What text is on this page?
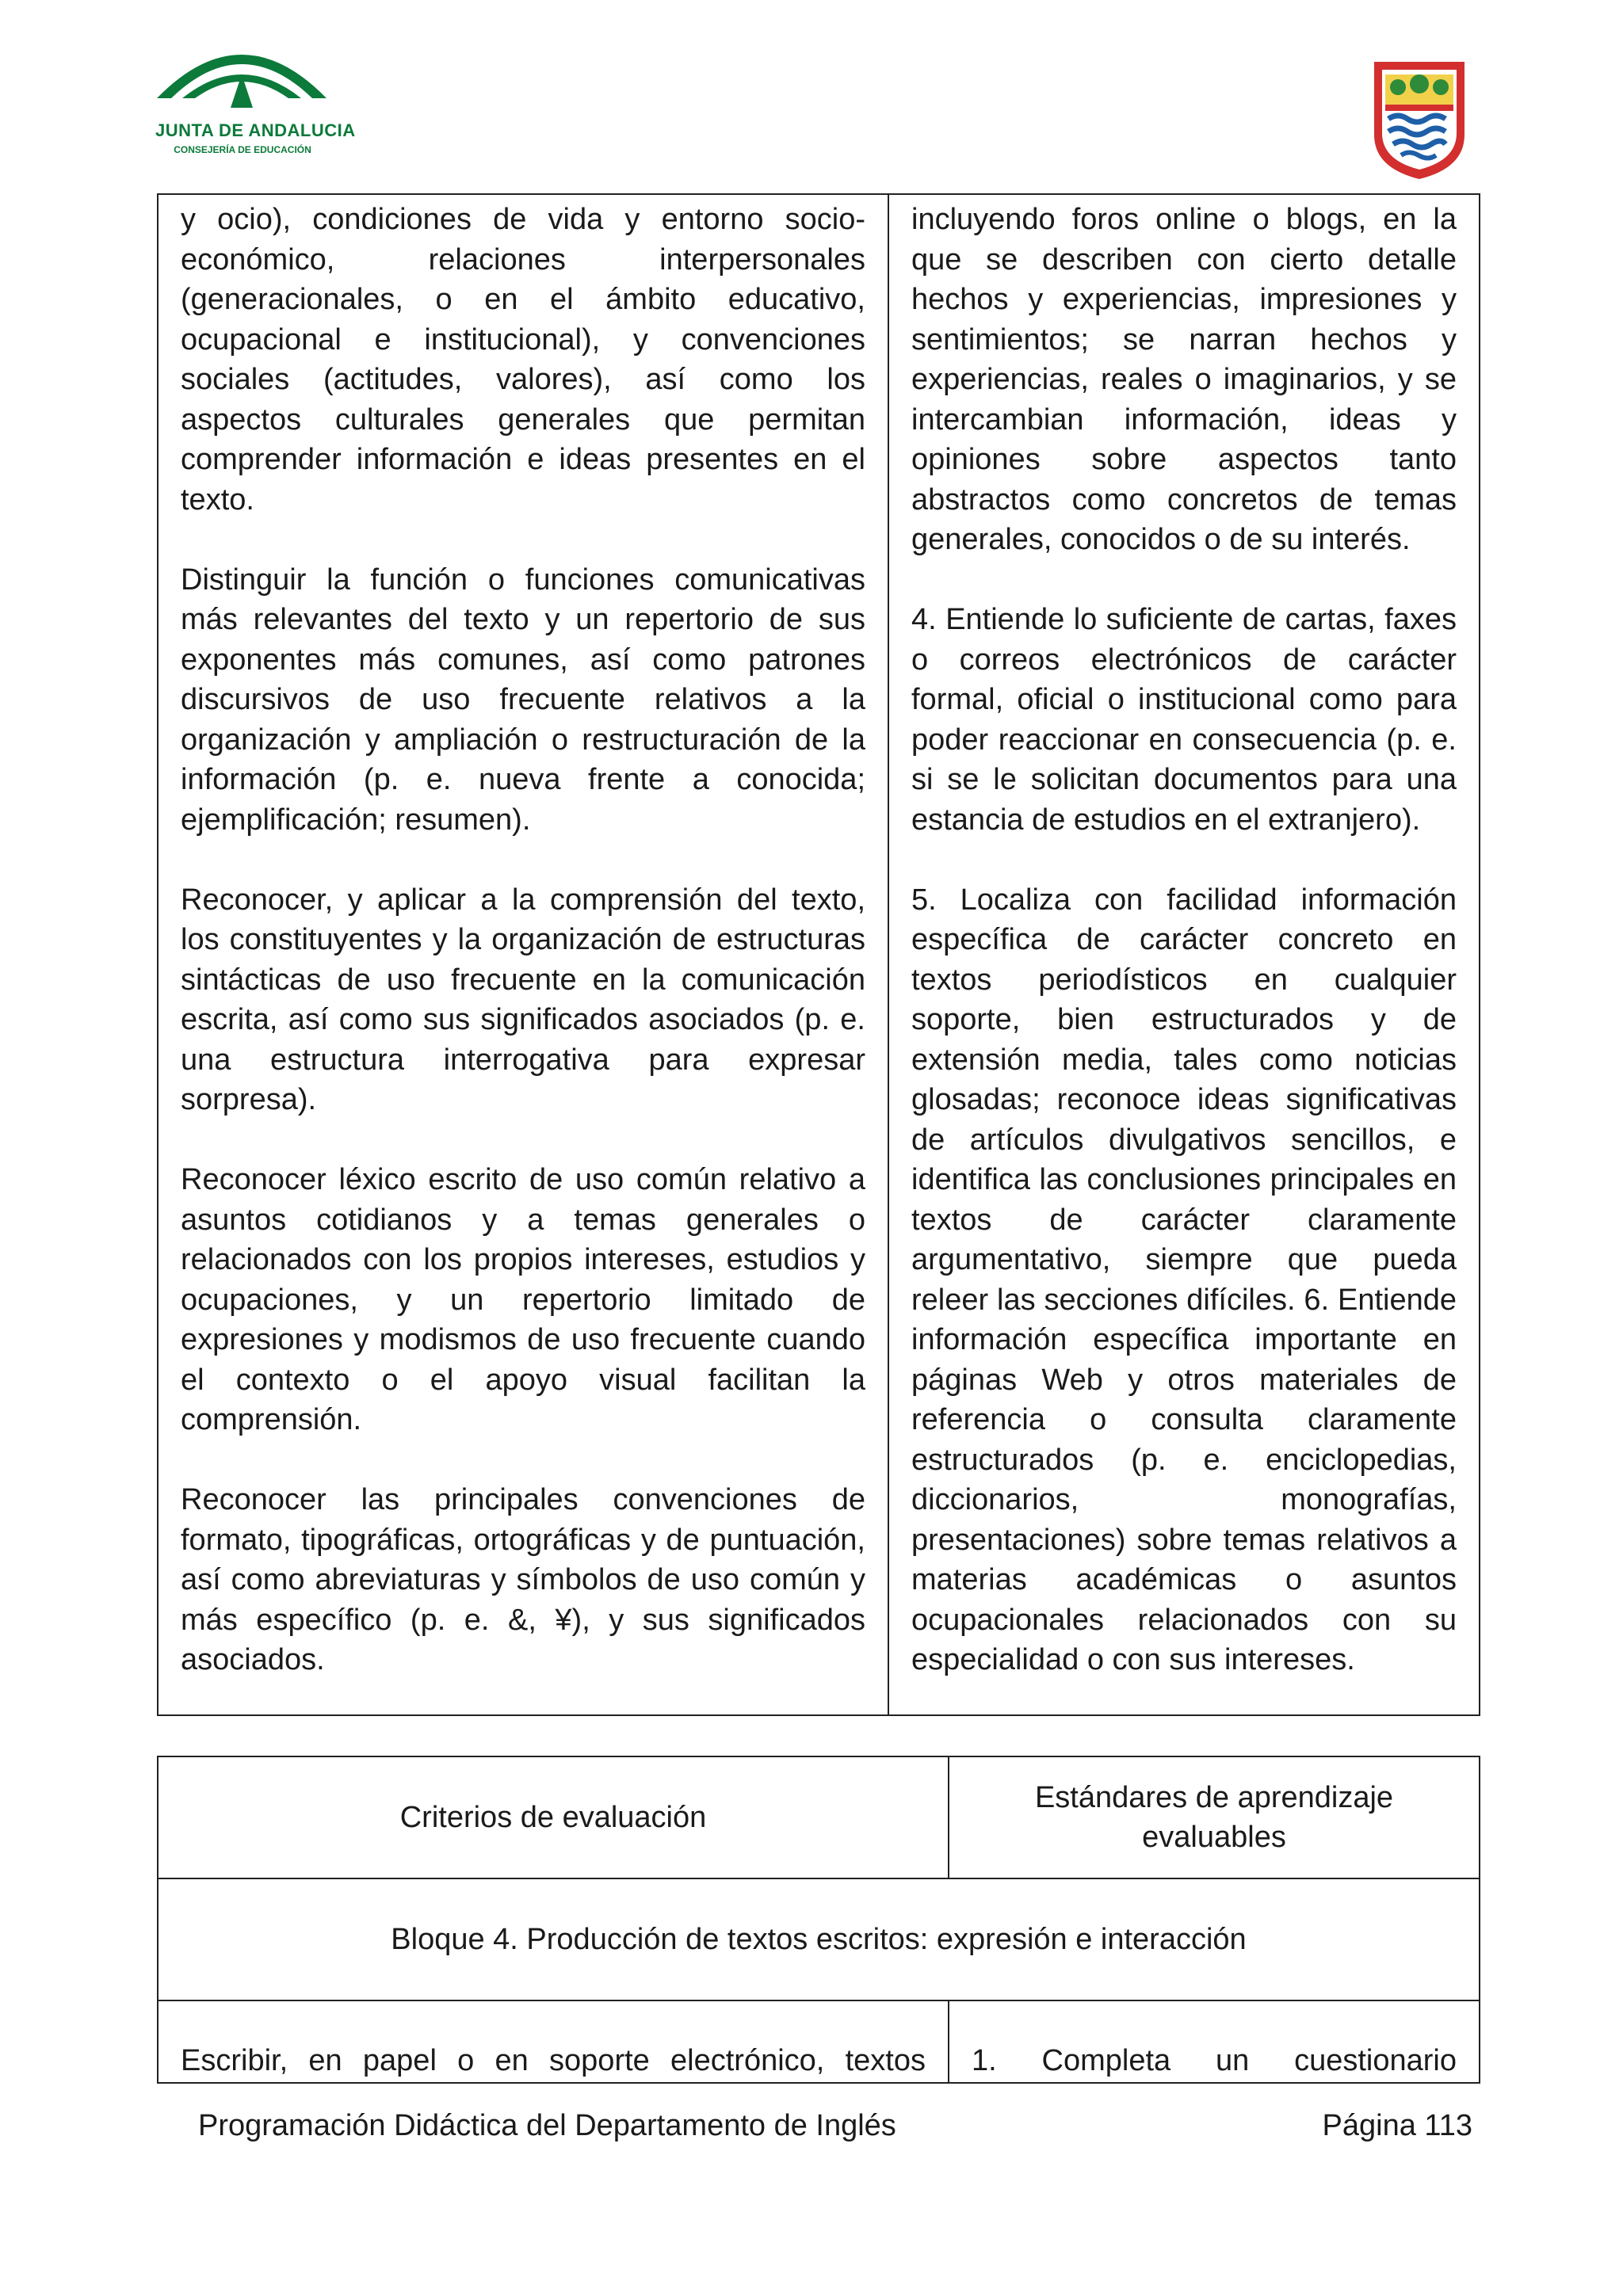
JUNTA DE ANDALUCIA
CONSEJERÍA DE EDUCACIÓN

y ocio), condiciones de vida y entorno socio-económico, relaciones interpersonales (generacionales, o en el ámbito educativo, ocupacional e institucional), y convenciones sociales (actitudes, valores), así como los aspectos culturales generales que permitan comprender información e ideas presentes en el texto.

Distinguir la función o funciones comunicativas más relevantes del texto y un repertorio de sus exponentes más comunes, así como patrones discursivos de uso frecuente relativos a la organización y ampliación o restructuración de la información (p. e. nueva frente a conocida; ejemplificación; resumen).

Reconocer, y aplicar a la comprensión del texto, los constituyentes y la organización de estructuras sintácticas de uso frecuente en la comunicación escrita, así como sus significados asociados (p. e. una estructura interrogativa para expresar sorpresa).

Reconocer léxico escrito de uso común relativo a asuntos cotidianos y a temas generales o relacionados con los propios intereses, estudios y ocupaciones, y un repertorio limitado de expresiones y modismos de uso frecuente cuando el contexto o el apoyo visual facilitan la comprensión.

Reconocer las principales convenciones de formato, tipográficas, ortográficas y de puntuación, así como abreviaturas y símbolos de uso común y más específico (p. e. &, ¥), y sus significados asociados.

incluyendo foros online o blogs, en la que se describen con cierto detalle hechos y experiencias, impresiones y sentimientos; se narran hechos y experiencias, reales o imaginarios, y se intercambian información, ideas y opiniones sobre aspectos tanto abstractos como concretos de temas generales, conocidos o de su interés.

4. Entiende lo suficiente de cartas, faxes o correos electrónicos de carácter formal, oficial o institucional como para poder reaccionar en consecuencia (p. e. si se le solicitan documentos para una estancia de estudios en el extranjero).

5. Localiza con facilidad información específica de carácter concreto en textos periodísticos en cualquier soporte, bien estructurados y de extensión media, tales como noticias glosadas; reconoce ideas significativas de artículos divulgativos sencillos, e identifica las conclusiones principales en textos de carácter claramente argumentativo, siempre que pueda releer las secciones difíciles. 6. Entiende información específica importante en páginas Web y otros materiales de referencia o consulta claramente estructurados (p. e. enciclopedias, diccionarios, monografías, presentaciones) sobre temas relativos a materias académicas o asuntos ocupacionales relacionados con su especialidad o con sus intereses.

Criterios de evaluación	Estándares de aprendizaje
evaluables

Bloque 4. Producción de textos escritos: expresión e interacción	

Escribir, en papel o en soporte electrónico, textos	1. Completa un cuestionario

Programación Didáctica del Departamento de Inglés	Página 113
